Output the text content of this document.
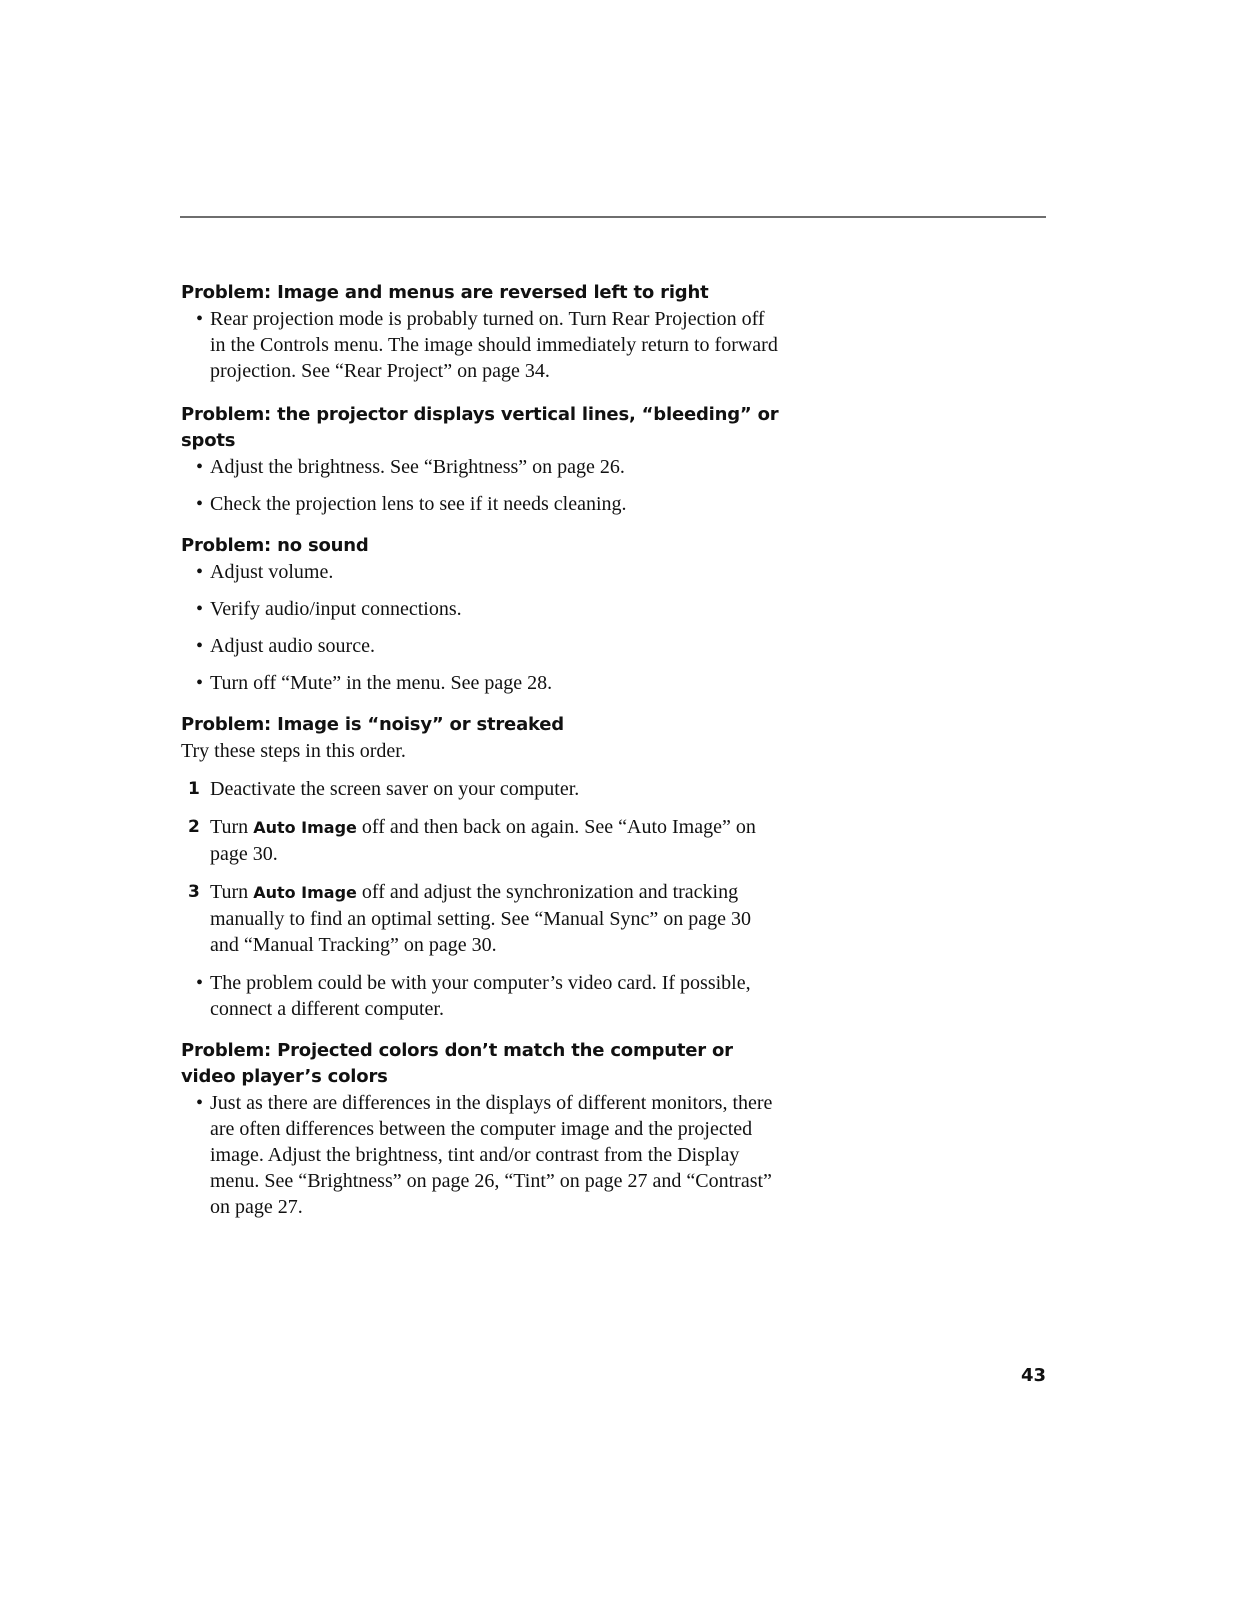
Problem: Image and menus are reversed left to right

• Rear projection mode is probably turned on. Turn Rear Projection off in the Controls menu. The image should immediately return to forward projection. See “Rear Project” on page 34.

Problem: the projector displays vertical lines, “bleeding” or spots

• Adjust the brightness. See “Brightness” on page 26.
• Check the projection lens to see if it needs cleaning.

Problem: no sound

• Adjust volume.
• Verify audio/input connections.
• Adjust audio source.
• Turn off “Mute” in the menu. See page 28.

Problem: Image is “noisy” or streaked

Try these steps in this order.

1 Deactivate the screen saver on your computer.
2 Turn Auto Image off and then back on again. See “Auto Image” on page 30.
3 Turn Auto Image off and adjust the synchronization and tracking manually to find an optimal setting. See “Manual Sync” on page 30 and “Manual Tracking” on page 30.
• The problem could be with your computer’s video card. If possible, connect a different computer.

Problem: Projected colors don’t match the computer or video player’s colors

• Just as there are differences in the displays of different monitors, there are often differences between the computer image and the projected image. Adjust the brightness, tint and/or contrast from the Display menu. See “Brightness” on page 26, “Tint” on page 27 and “Contrast” on page 27.
43
